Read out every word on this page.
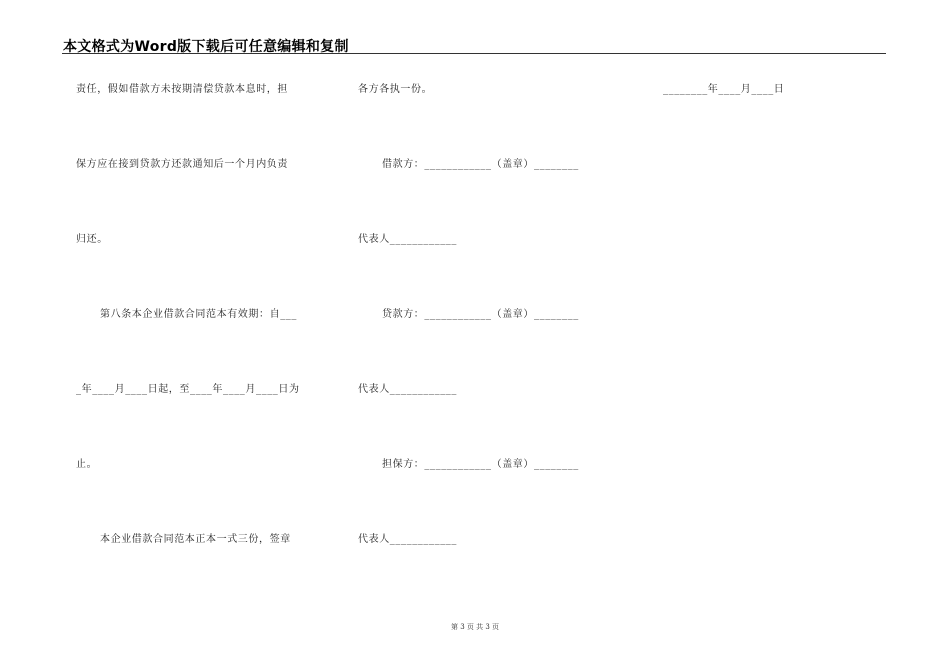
本文格式为Word版下载后可任意编辑和复制
责任，假如借款方未按期清偿贷款本息时，担
保方应在接到贷款方还款通知后一个月内负责
归还。
第八条本企业借款合同范本有效期：自___
_年____月____日起，至____年____月____日为
止。
本企业借款合同范本正本一式三份，签章
各方各执一份。
借款方：____________（盖章）________
代表人____________
贷款方：____________（盖章）________
代表人____________
担保方：____________（盖章）________
代表人____________
________年____月____日
第 3 页 共 3 页
